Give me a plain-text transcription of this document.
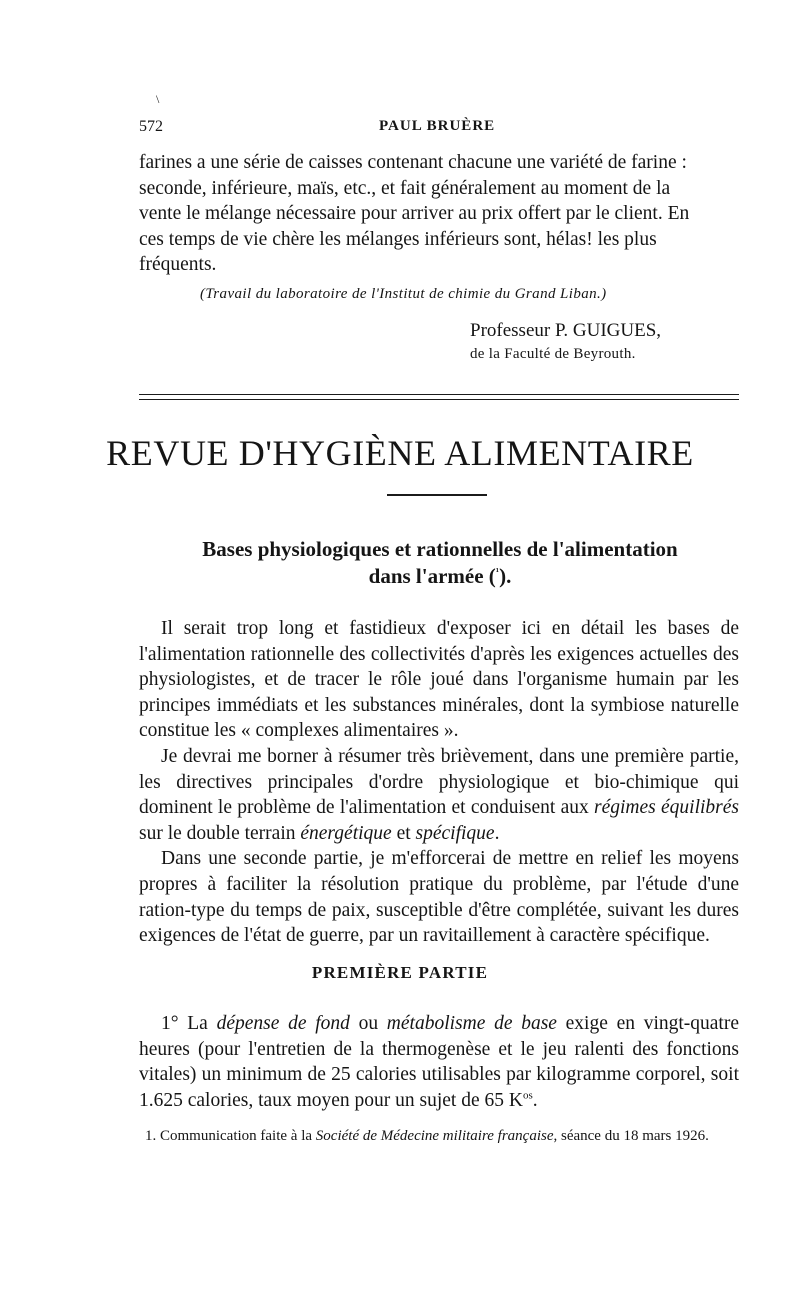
\
572	PAUL BRUÈRE

farines a une série de caisses contenant chacune une variété de farine :

seconde, inférieure, maïs, etc., et fait généralement au moment de la

vente le mélange nécessaire pour arriver au prix offert par le client. En

ces temps de vie chère les mélanges inférieurs sont, hélas! les plus

fréquents.

(Travail du laboratoire de l'Institut de chimie du Grand Liban.)
Professeur P. GUIGUES,
de la Faculté de Beyrouth.
REVUE D'HYGIÈNE ALIMENTAIRE
Bases physiologiques et rationnelles de l'alimentation
dans l'armée ($^{^1}$).

Il serait trop long et fastidieux d'exposer ici en détail les bases de l'alimentation rationnelle des collectivités d'après les exigences actuelles des physiologistes, et de tracer le rôle joué dans l'organisme humain par les principes immédiats et les substances minérales, dont la symbiose naturelle constitue les « complexes alimentaires ».

Je devrai me borner à résumer très brièvement, dans une première partie, les directives principales d'ordre physiologique et bio-chimique qui dominent le problème de l'alimentation et conduisent aux régimes équilibrés sur le double terrain énergétique et spécifique.

Dans une seconde partie, je m'efforcerai de mettre en relief les moyens propres à faciliter la résolution pratique du problème, par l'étude d'une ration-type du temps de paix, susceptible d'être complétée, suivant les dures exigences de l'état de guerre, par un ravitaillement à caractère spécifique.

PREMIÈRE PARTIE

1° La dépense de fond ou métabolisme de base exige en vingt-quatre heures (pour l'entretien de la thermogenèse et le jeu ralenti des fonctions vitales) un minimum de 25 calories utilisables par kilogramme corporel, soit 1.625 calories, taux moyen pour un sujet de 65 $K^{os}$.

1. Communication faite à la Société de Médecine militaire française, séance du 18 mars 1926.
